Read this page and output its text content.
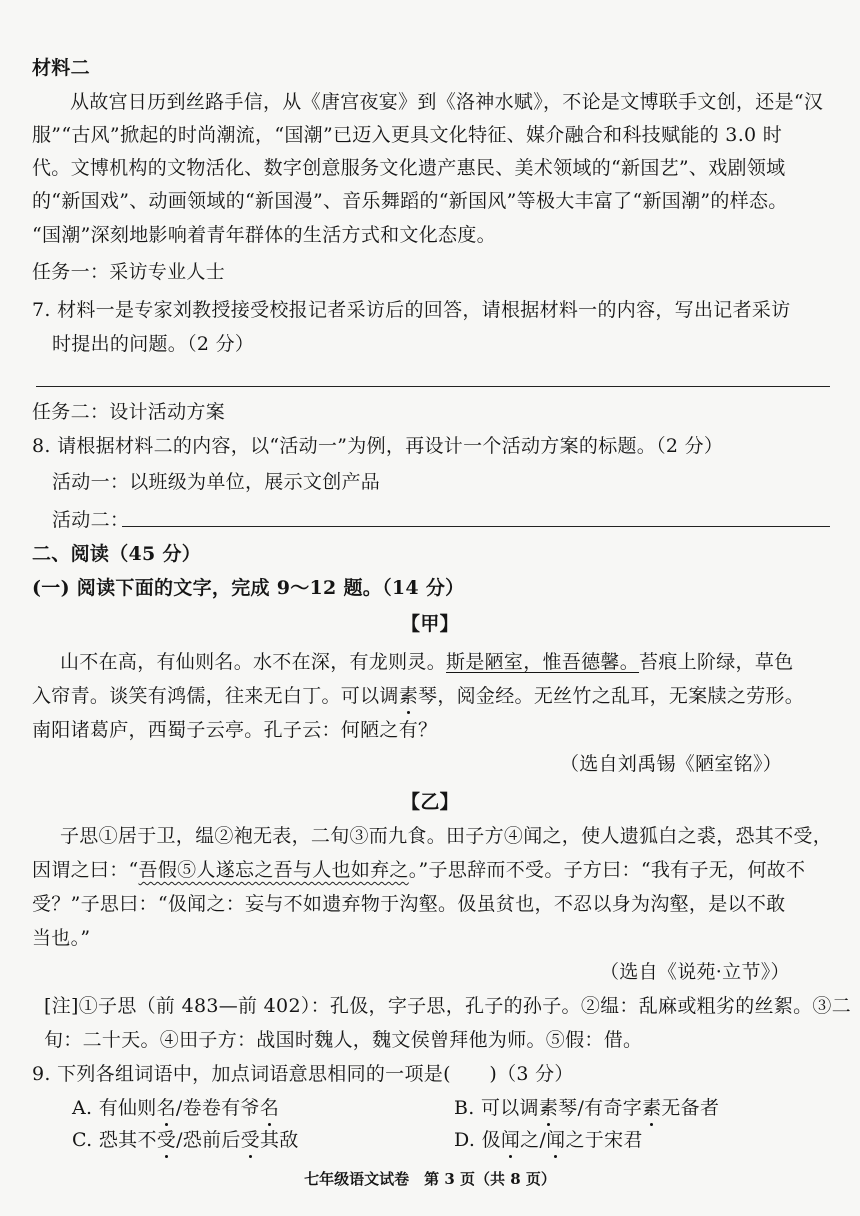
材料二
从故宫日历到丝路手信，从《唐宫夜宴》到《洛神水赋》，不论是文博联手文创，还是“汉
服”“古风”掀起的时尚潮流，“国潮”已迈入更具文化特征、媒介融合和科技赋能的 3.0 时
代。文博机构的文物活化、数字创意服务文化遗产惠民、美术领域的“新国艺”、戏剧领域
的“新国戏”、动画领域的“新国漫”、音乐舞蹈的“新国风”等极大丰富了“新国潮”的样态。
“国潮”深刻地影响着青年群体的生活方式和文化态度。
任务一：采访专业人士
7. 材料一是专家刘教授接受校报记者采访后的回答，请根据材料一的内容，写出记者采访
时提出的问题。（2 分）
任务二：设计活动方案
8. 请根据材料二的内容，以“活动一”为例，再设计一个活动方案的标题。（2 分）
活动一：以班级为单位，展示文创产品
活动二：
二、阅读（45 分）
(一) 阅读下面的文字，完成 9～12 题。（14 分）
【甲】
山不在高，有仙则名。水不在深，有龙则灵。斯是陋室，惟吾德馨。苔痕上阶绿，草色
入帘青。谈笑有鸿儒，往来无白丁。可以调素琴，阅金经。无丝竹之乱耳，无案牍之劳形。
南阳诸葛庐，西蜀子云亭。孔子云：何陋之有？
（选自刘禹锡《陋室铭》）
【乙】
子思①居于卫，缊②袍无表，二旬③而九食。田子方④闻之，使人遗狐白之裘，恐其不受，
因谓之曰：“吾假⑤人遂忘之吾与人也如弃之。”子思辞而不受。子方曰：“我有子无，何故不
受？”子思曰：“伋闻之：妄与不如遗弃物于沟壑。伋虽贫也，不忍以身为沟壑，是以不敢
当也。”
（选自《说苑·立节》）
[注]①子思（前 483—前 402）：孔伋，字子思，孔子的孙子。②缊：乱麻或粗劣的丝絮。③二
旬：二十天。④田子方：战国时魏人，魏文侯曾拜他为师。⑤假：借。
9. 下列各组词语中，加点词语意思相同的一项是(　　)（3 分）
A. 有仙则名/卷卷有爷名	B. 可以调素琴/有奇字素无备者
C. 恐其不受/恐前后受其敌	D. 伋闻之/闻之于宋君
七年级语文试卷　第 3 页（共 8 页）
